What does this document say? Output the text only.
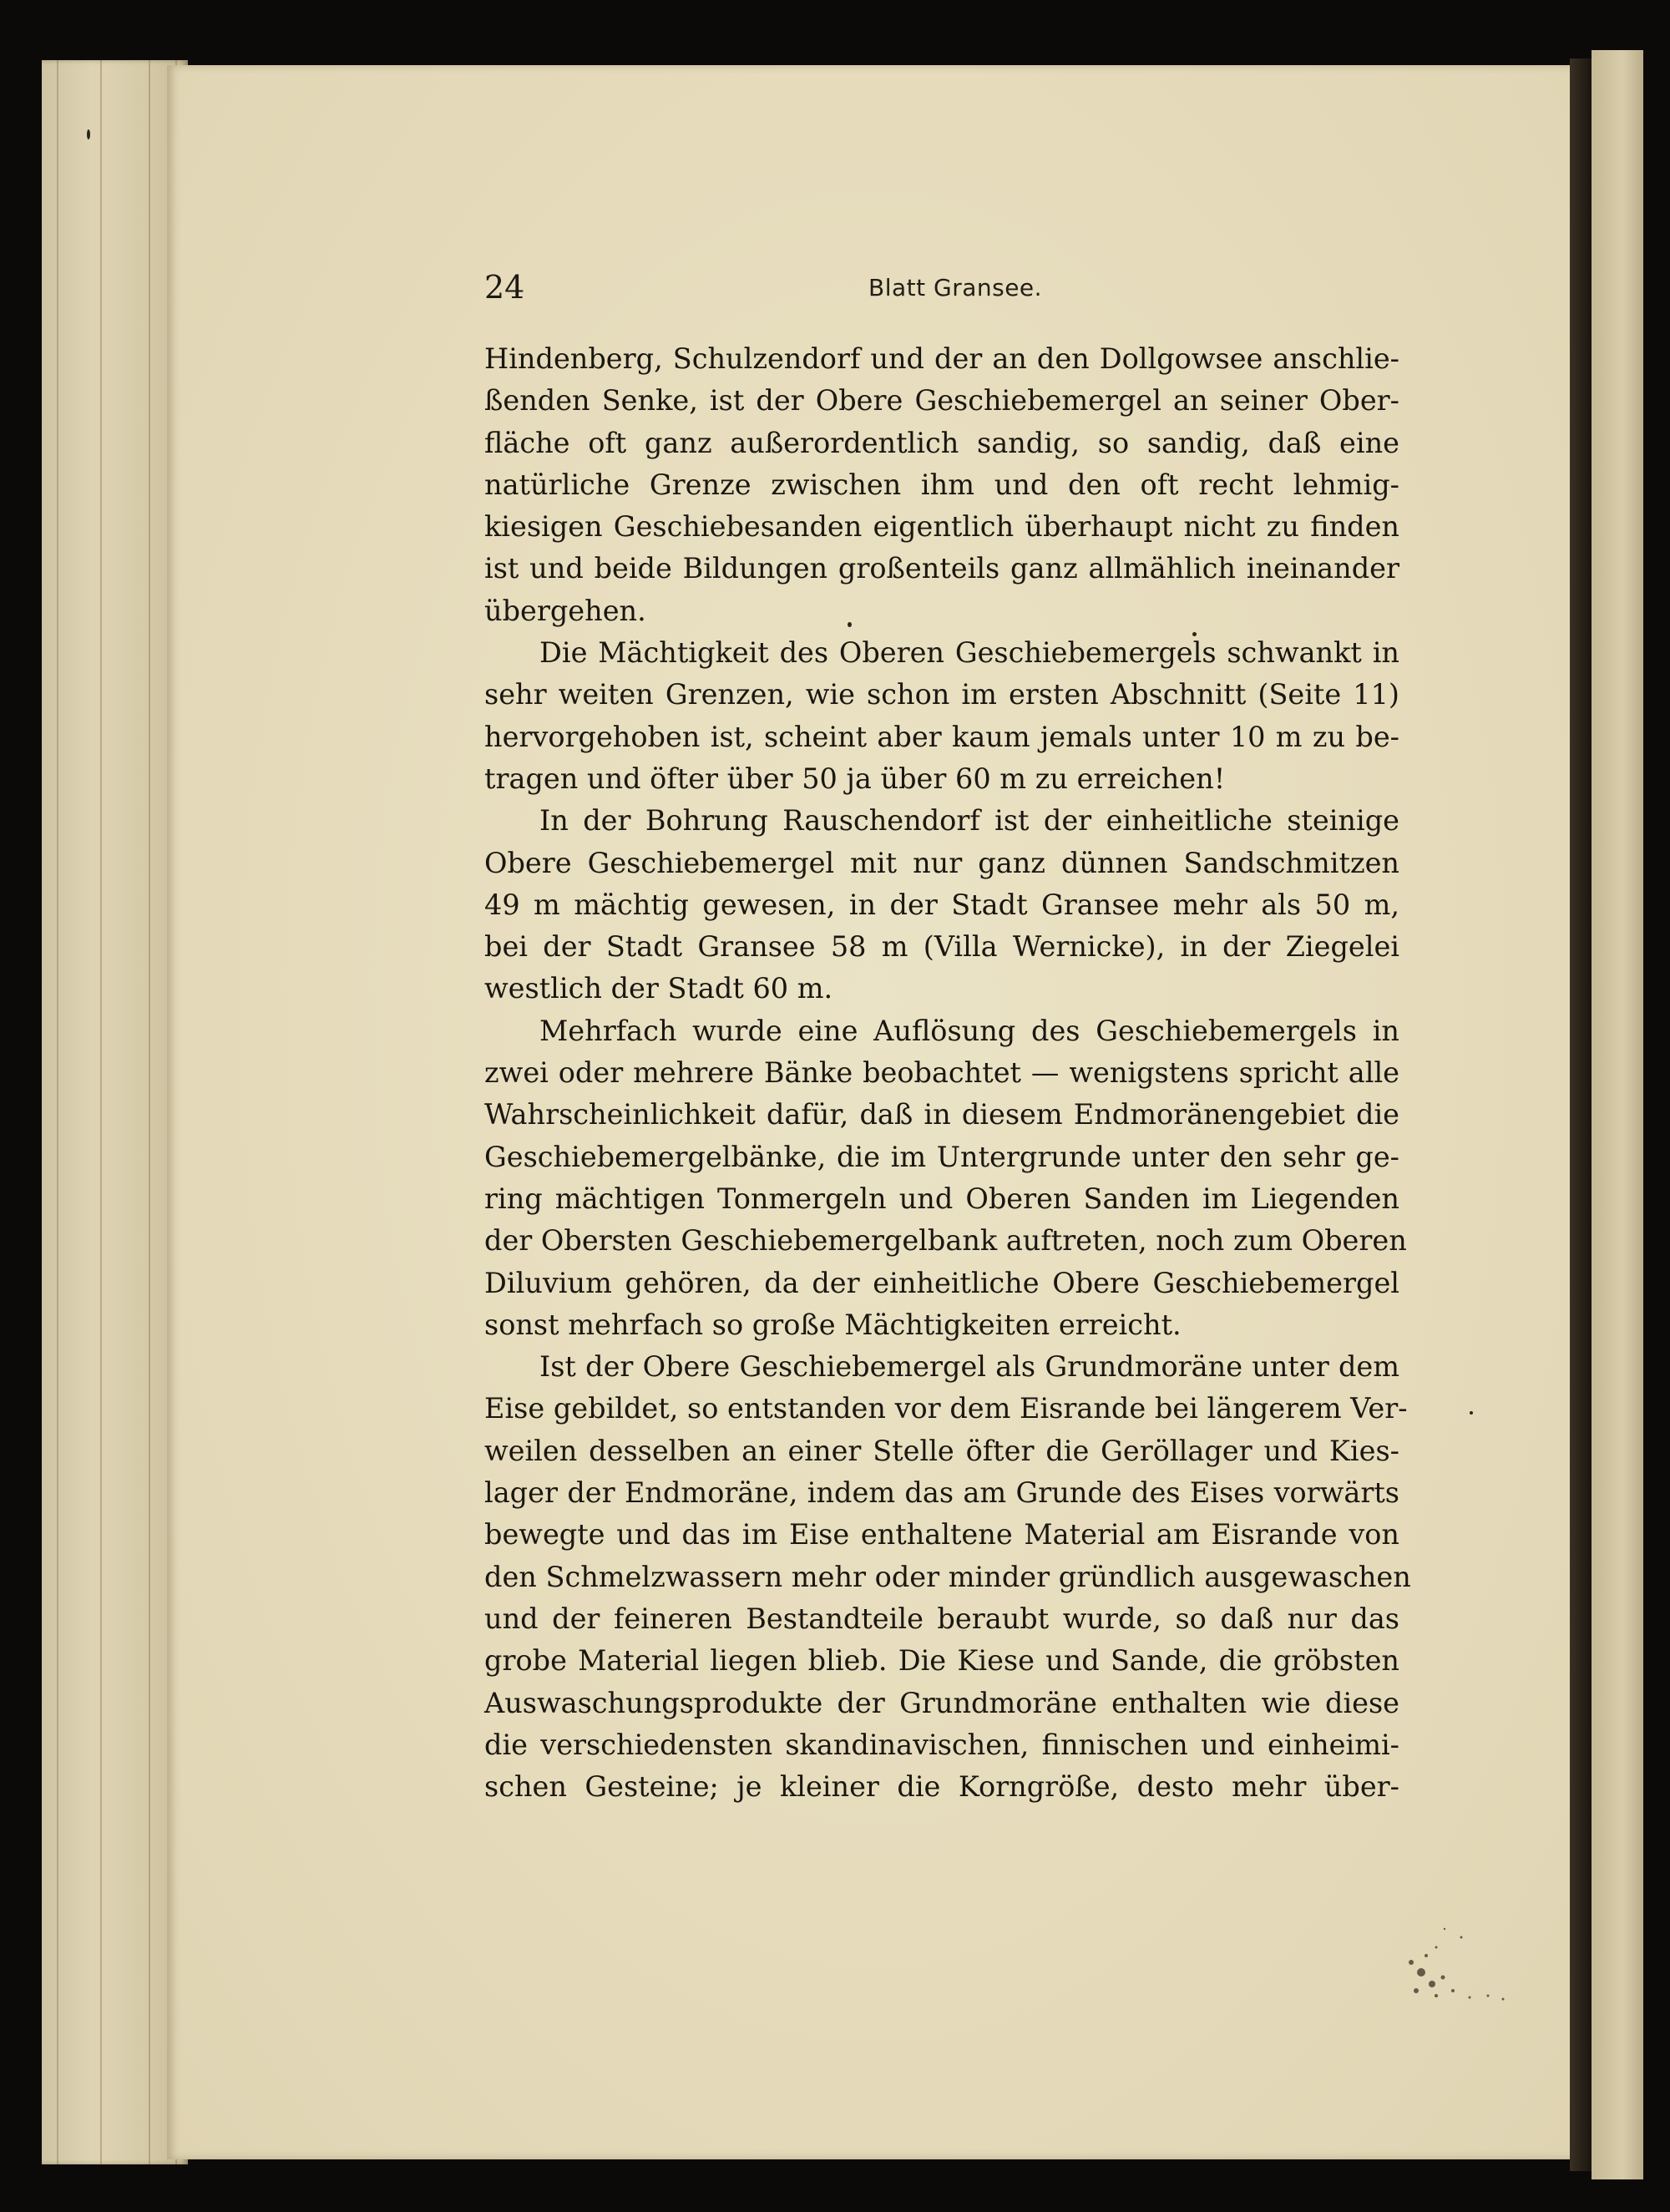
24	Blatt Gransee.
Hindenberg, Schulzendorf und der an den Dollgowsee anschlie-
ßenden Senke, ist der Obere Geschiebemergel an seiner Ober-
fläche oft ganz außerordentlich sandig, so sandig, daß eine
natürliche Grenze zwischen ihm und den oft recht lehmig-
kiesigen Geschiebesanden eigentlich überhaupt nicht zu finden
ist und beide Bildungen großenteils ganz allmählich ineinander
übergehen.
Die Mächtigkeit des Oberen Geschiebemergels schwankt in
sehr weiten Grenzen, wie schon im ersten Abschnitt (Seite 11)
hervorgehoben ist, scheint aber kaum jemals unter 10 m zu be-
tragen und öfter über 50 ja über 60 m zu erreichen!
In der Bohrung Rauschendorf ist der einheitliche steinige
Obere Geschiebemergel mit nur ganz dünnen Sandschmitzen
49 m mächtig gewesen, in der Stadt Gransee mehr als 50 m,
bei der Stadt Gransee 58 m (Villa Wernicke), in der Ziegelei
westlich der Stadt 60 m.
Mehrfach wurde eine Auflösung des Geschiebemergels in
zwei oder mehrere Bänke beobachtet — wenigstens spricht alle
Wahrscheinlichkeit dafür, daß in diesem Endmoränengebiet die
Geschiebemergelbänke, die im Untergrunde unter den sehr ge-
ring mächtigen Tonmergeln und Oberen Sanden im Liegenden
der Obersten Geschiebemergelbank auftreten, noch zum Oberen
Diluvium gehören, da der einheitliche Obere Geschiebemergel
sonst mehrfach so große Mächtigkeiten erreicht.
Ist der Obere Geschiebemergel als Grundmoräne unter dem
Eise gebildet, so entstanden vor dem Eisrande bei längerem Ver-
weilen desselben an einer Stelle öfter die Geröllager und Kies-
lager der Endmoräne, indem das am Grunde des Eises vorwärts
bewegte und das im Eise enthaltene Material am Eisrande von
den Schmelzwassern mehr oder minder gründlich ausgewaschen
und der feineren Bestandteile beraubt wurde, so daß nur das
grobe Material liegen blieb. Die Kiese und Sande, die gröbsten
Auswaschungsprodukte der Grundmoräne enthalten wie diese
die verschiedensten skandinavischen, finnischen und einheimi-
schen Gesteine; je kleiner die Korngröße, desto mehr über-
